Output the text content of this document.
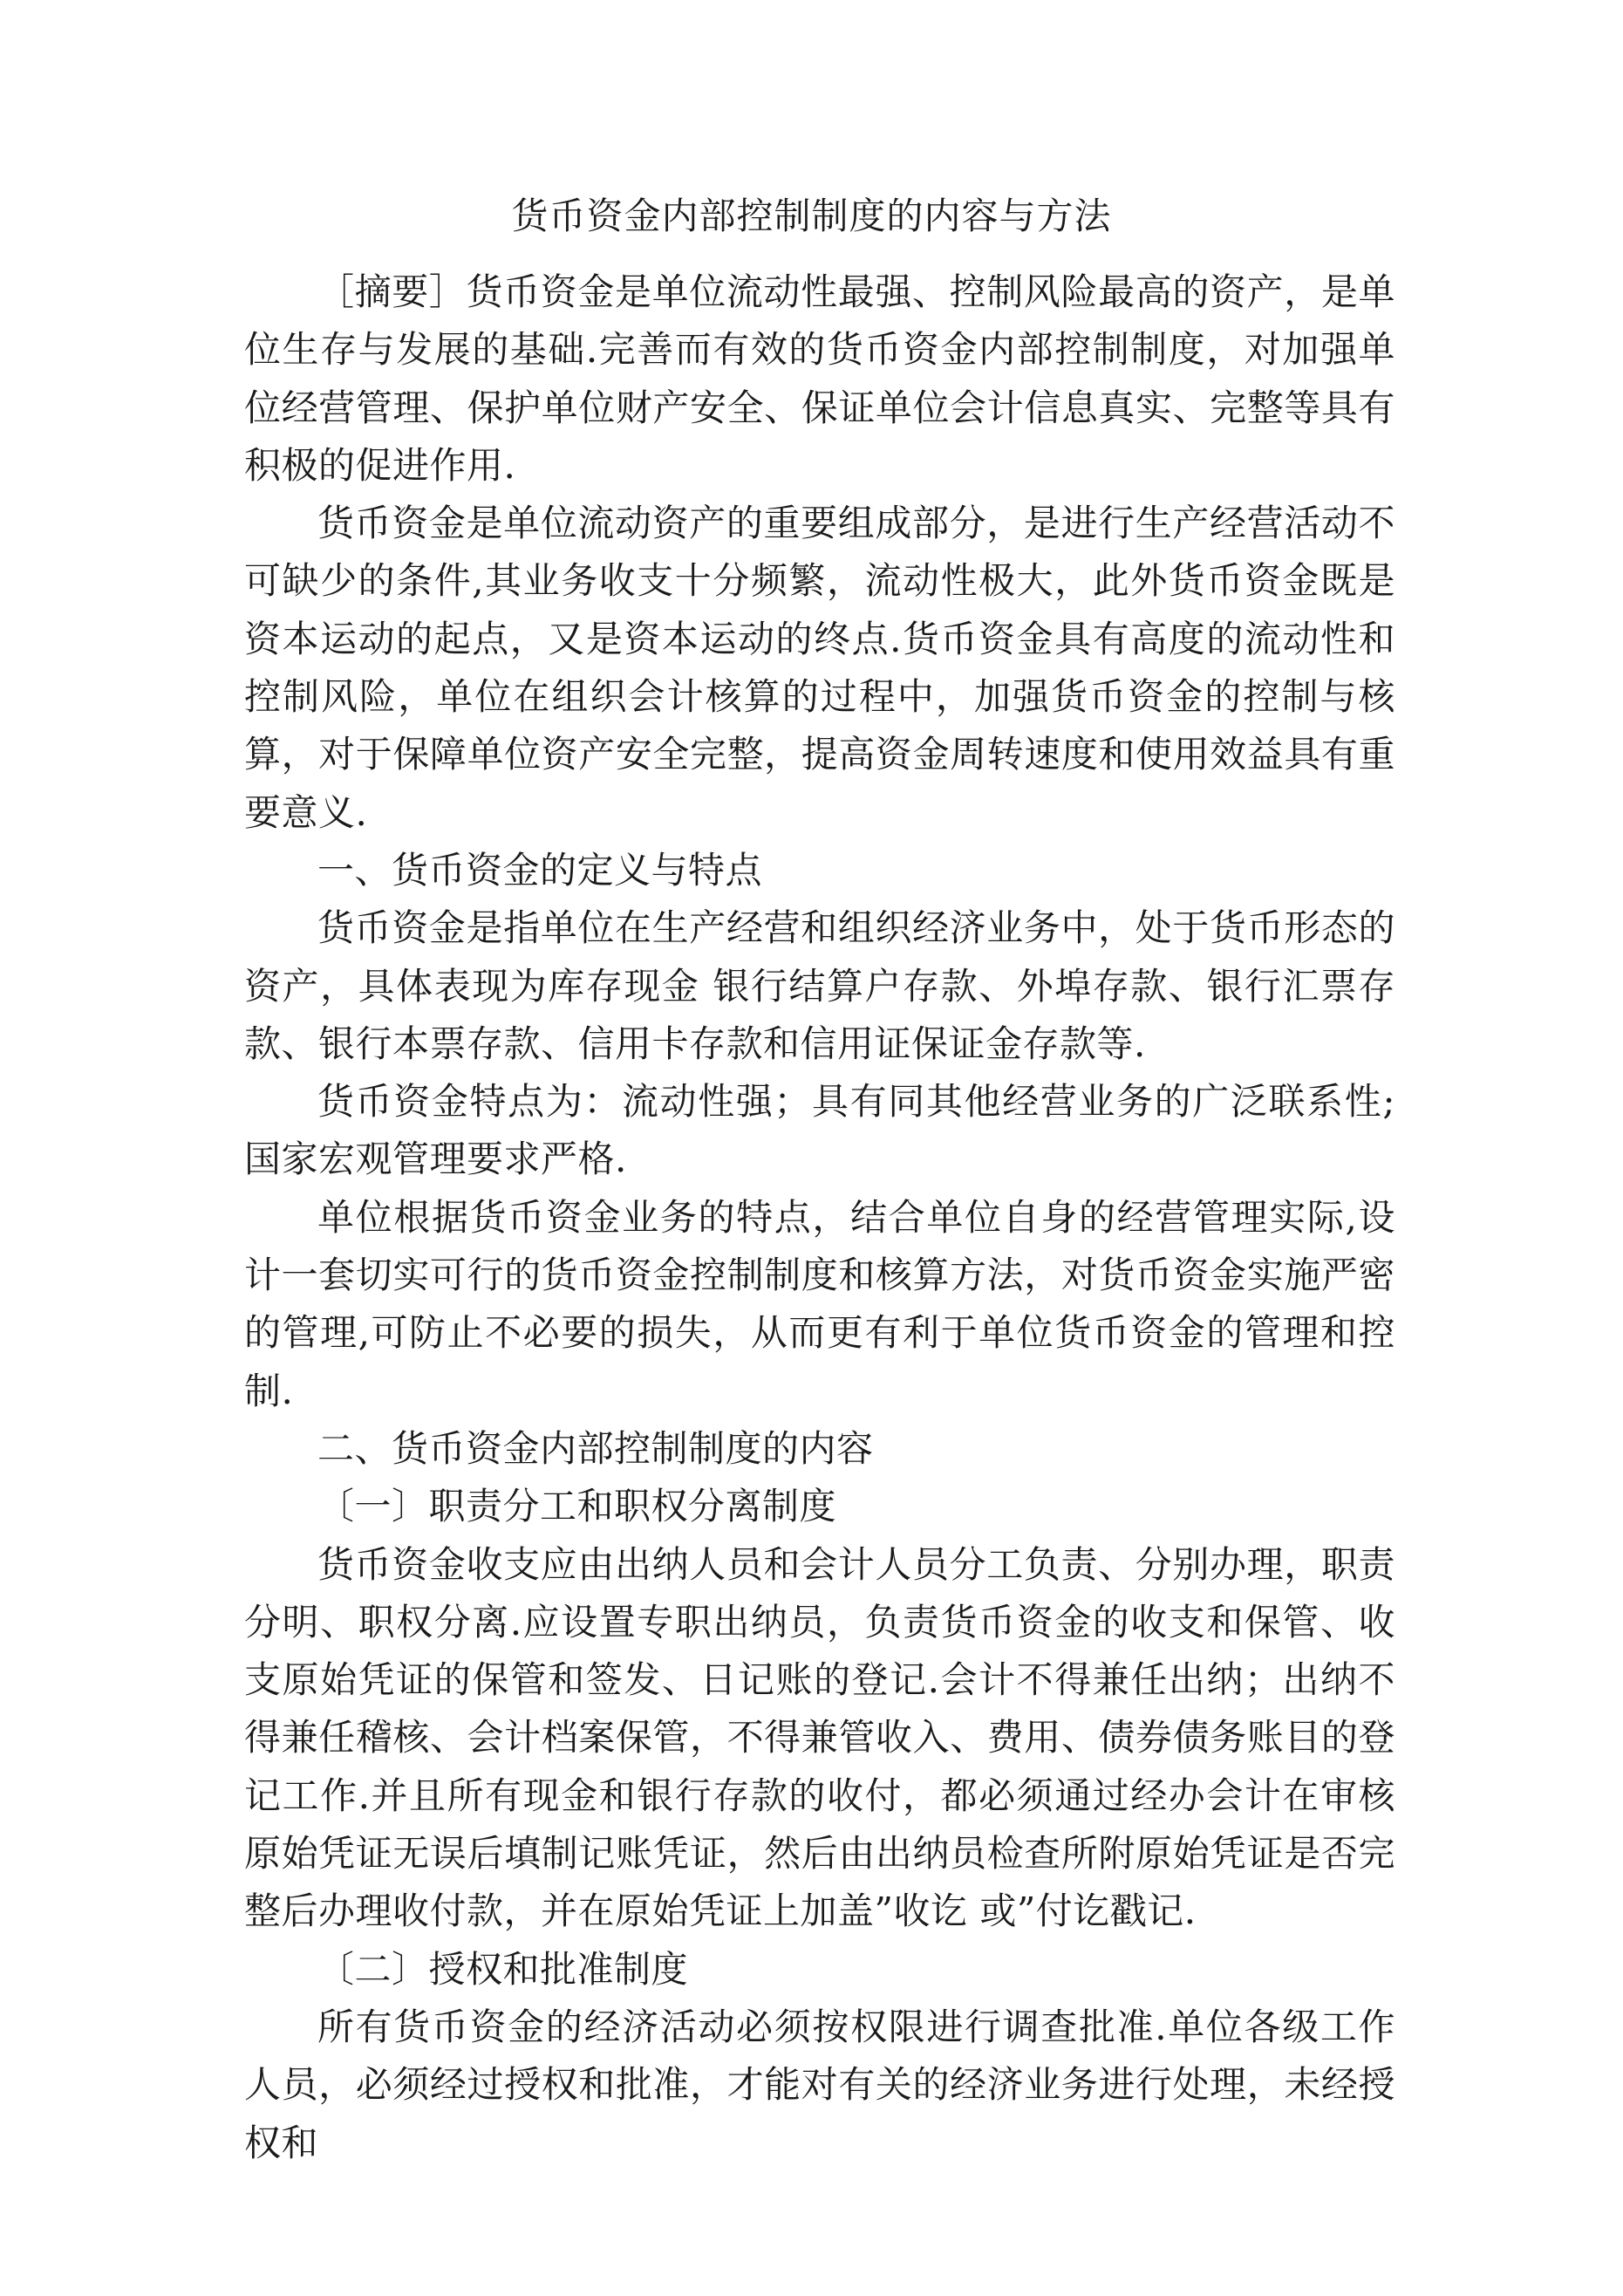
货币资金内部控制制度的内容与方法

［摘要］货币资金是单位流动性最强、控制风险最高的资产，是单位生存与发展的基础.完善而有效的货币资金内部控制制度，对加强单位经营管理、保护单位财产安全、保证单位会计信息真实、完整等具有积极的促进作用.

货币资金是单位流动资产的重要组成部分，是进行生产经营活动不可缺少的条件,其业务收支十分频繁，流动性极大，此外货币资金既是资本运动的起点，又是资本运动的终点.货币资金具有高度的流动性和控制风险，单位在组织会计核算的过程中，加强货币资金的控制与核算，对于保障单位资产安全完整，提高资金周转速度和使用效益具有重要意义.

一、货币资金的定义与特点

货币资金是指单位在生产经营和组织经济业务中，处于货币形态的资产，具体表现为库存现金 银行结算户存款、外埠存款、银行汇票存款、银行本票存款、信用卡存款和信用证保证金存款等.

货币资金特点为：流动性强；具有同其他经营业务的广泛联系性;国家宏观管理要求严格.

单位根据货币资金业务的特点，结合单位自身的经营管理实际,设计一套切实可行的货币资金控制制度和核算方法，对货币资金实施严密的管理,可防止不必要的损失，从而更有利于单位货币资金的管理和控制.

二、货币资金内部控制制度的内容

〔一〕职责分工和职权分离制度

货币资金收支应由出纳人员和会计人员分工负责、分别办理，职责分明、职权分离.应设置专职出纳员，负责货币资金的收支和保管、收支原始凭证的保管和签发、日记账的登记.会计不得兼任出纳；出纳不得兼任稽核、会计档案保管，不得兼管收入、费用、债券债务账目的登记工作.并且所有现金和银行存款的收付，都必须通过经办会计在审核原始凭证无误后填制记账凭证，然后由出纳员检查所附原始凭证是否完整后办理收付款，并在原始凭证上加盖”收讫 或”付讫戳记.

〔二〕授权和批准制度

所有货币资金的经济活动必须按权限进行调查批准.单位各级工作人员，必须经过授权和批准，才能对有关的经济业务进行处理，未经授权和
